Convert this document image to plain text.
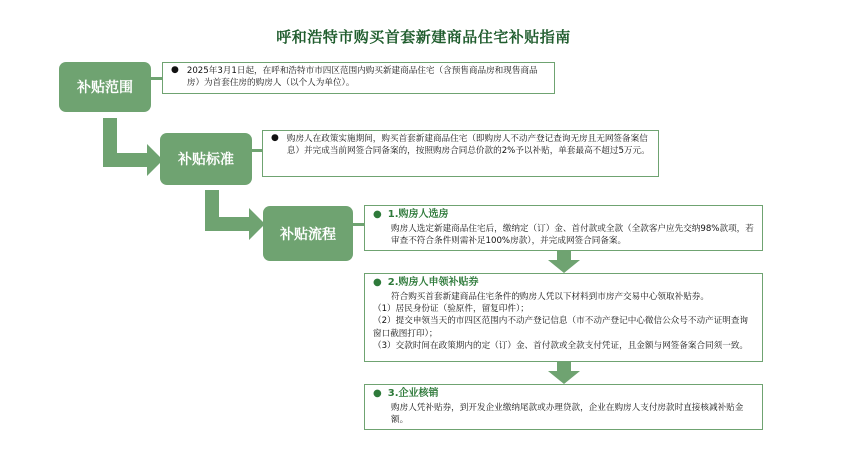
呼和浩特市购买首套新建商品住宅补贴指南
补贴范围
● 2025年3月1日起，在呼和浩特市市四区范围内购买新建商品住宅（含预售商品房和现售商品房）为首套住房的购房人（以个人为单位）。
补贴标准
● 购房人在政策实施期间，购买首套新建商品住宅（即购房人不动产登记查询无房且无网签备案信息）并完成当前网签合同备案的，按照购房合同总价款的2%予以补贴，单套最高不超过5万元。
补贴流程
● 1.购房人选房
购房人选定新建商品住宅后，缴纳定（订）金、首付款或全款（全款客户应先交纳98%款项，若审查不符合条件则需补足100%房款），并完成网签合同备案。
● 2.购房人申领补贴券
符合购买首套新建商品住宅条件的购房人凭以下材料到市房产交易中心领取补贴券。
（1）居民身份证（验原件，留复印件）；
（2）提交申领当天的市四区范围内不动产登记信息（市不动产登记中心微信公众号不动产证明查询窗口截图打印）；
（3）交款时间在政策期内的定（订）金、首付款或全款支付凭证，且金额与网签备案合同须一致。
● 3.企业核销
购房人凭补贴券，到开发企业缴纳尾款或办理贷款，企业在购房人支付房款时直接核减补贴金额。
